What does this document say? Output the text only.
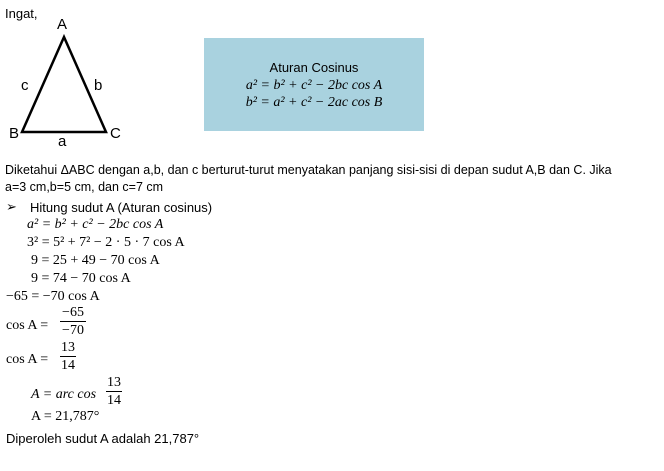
Ingat,
A
B	C
c	b
a
Aturan Cosinus
a² = b² + c² − 2bc cos A
b² = a² + c² − 2ac cos B
Diketahui ΔABC dengan a,b, dan c berturut-turut menyatakan panjang sisi-sisi di depan sudut A,B dan C. Jika
a=3 cm,b=5 cm, dan c=7 cm
➢ Hitung sudut A (Aturan cosinus)
a² = b² + c² − 2bc cos A
3² = 5² + 7² − 2 · 5 · 7 cos A
9 = 25 + 49 − 70 cos A
9 = 74 − 70 cos A
−65 = −70 cos A
cos A =
−65
−70
cos A =
13
14
A = arc cos
13
14
A = 21,787°
Diperoleh sudut A adalah 21,787°
